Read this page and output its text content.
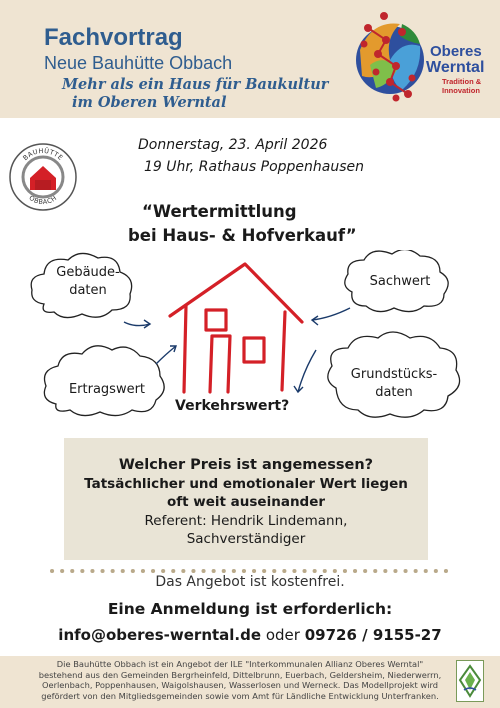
Fachvortrag
Neue Bauhütte Obbach
Mehr als ein Haus für Baukultur
im Oberen Werntal
Oberes
Werntal
Tradition &
Innovation
BAUHÜTTE
OBBACH
Donnerstag, 23. April 2026
19 Uhr, Rathaus Poppenhausen
“Wertermittlung
bei Haus- & Hofverkauf”
Gebäude-
daten
Sachwert
Ertragswert
Grundstücks-
daten
Verkehrswert?
Welcher Preis ist angemessen?
Tatsächlicher und emotionaler Wert liegen
oft weit auseinander
Referent: Hendrik Lindemann,
Sachverständiger
Das Angebot ist kostenfrei.
Eine Anmeldung ist erforderlich:
info@oberes-werntal.de oder 09726 / 9155-27
Die Bauhütte Obbach ist ein Angebot der ILE "Interkommunalen Allianz Oberes Werntal"
bestehend aus den Gemeinden Bergrheinfeld, Dittelbrunn, Euerbach, Geldersheim, Niederwerrn,
Oerlenbach, Poppenhausen, Waigolshausen, Wasserlosen und Werneck. Das Modellprojekt wird
gefördert von den Mitgliedsgemeinden sowie vom Amt für Ländliche Entwicklung Unterfranken.
